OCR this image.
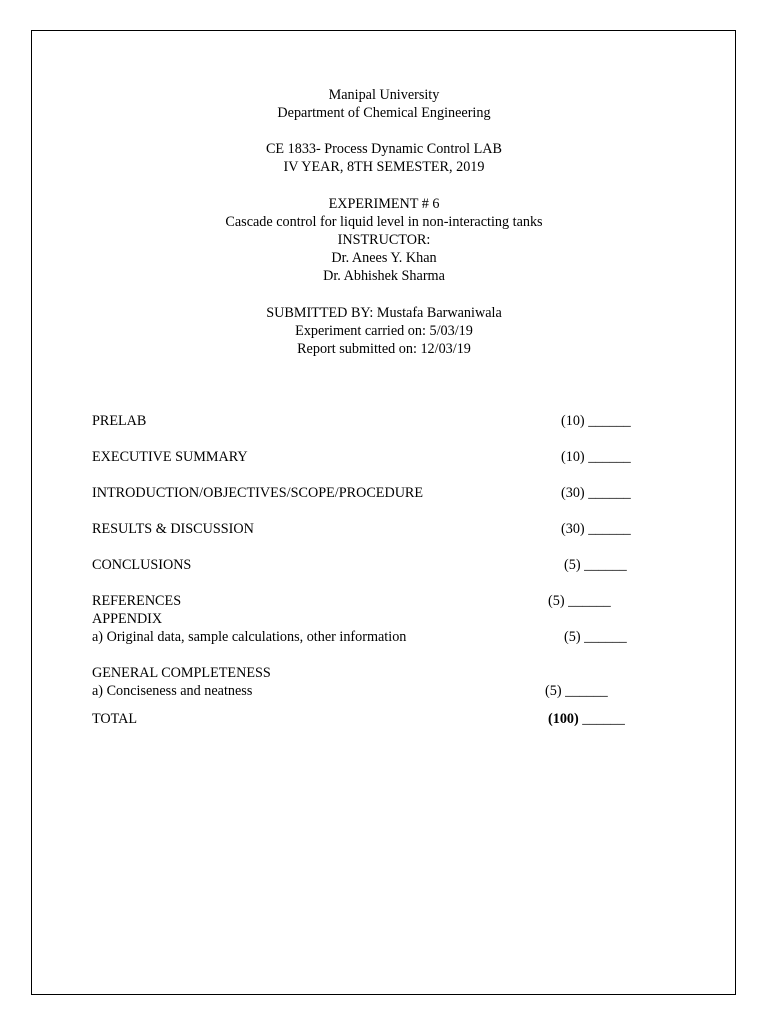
Manipal University
Department of Chemical Engineering
CE 1833- Process Dynamic Control LAB
IV YEAR, 8TH SEMESTER, 2019
EXPERIMENT # 6
Cascade control for liquid level in non-interacting tanks
INSTRUCTOR:
Dr. Anees Y. Khan
Dr. Abhishek Sharma
SUBMITTED BY: Mustafa Barwaniwala
Experiment carried on: 5/03/19
Report submitted on: 12/03/19
PRELAB	(10) ______
EXECUTIVE SUMMARY	(10) ______
INTRODUCTION/OBJECTIVES/SCOPE/PROCEDURE	(30) ______
RESULTS & DISCUSSION	(30) ______
CONCLUSIONS	(5) ______
REFERENCES	(5) ______
APPENDIX
a) Original data, sample calculations, other information	(5) ______
GENERAL COMPLETENESS
a) Conciseness and neatness	(5) ______
TOTAL	(100) ______
